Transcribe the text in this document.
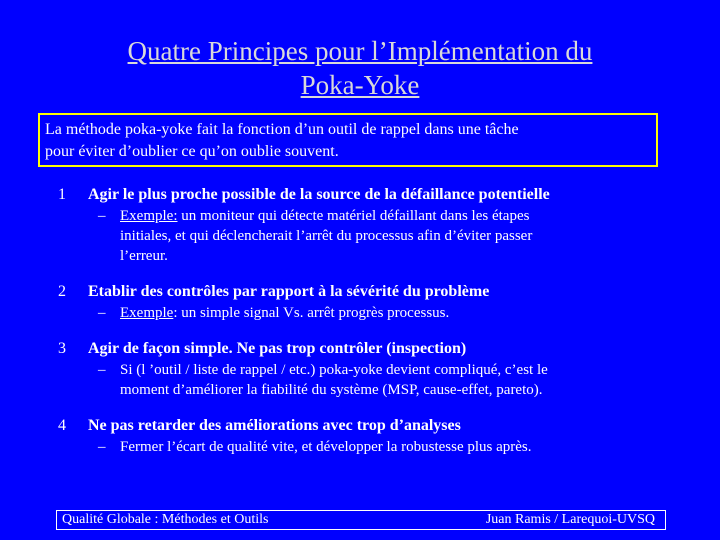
Quatre Principes pour l’Implémentation du
Poka-Yoke
La méthode poka-yoke fait la fonction d’un outil de rappel dans une tâche
pour éviter d’oublier ce qu’on oublie souvent.
1 Agir le plus proche possible de la source de la défaillance potentielle
– Exemple: un moniteur qui détecte matériel défaillant dans les étapes
initiales, et qui déclencherait l’arrêt du processus afin d’éviter passer
l’erreur.
2 Etablir des contrôles par rapport à la sévérité du problème
– Exemple: un simple signal Vs. arrêt progrès processus.
3 Agir de façon simple. Ne pas trop contrôler (inspection)
– Si (l ’outil / liste de rappel / etc.) poka-yoke devient compliqué, c’est le
moment d’améliorer la fiabilité du système (MSP, cause-effet, pareto).
4 Ne pas retarder des améliorations avec trop d’analyses
– Fermer l’écart de qualité vite, et développer la robustesse plus après.
Qualité Globale : Méthodes et Outils	Juan Ramis / Larequoi-UVSQ
